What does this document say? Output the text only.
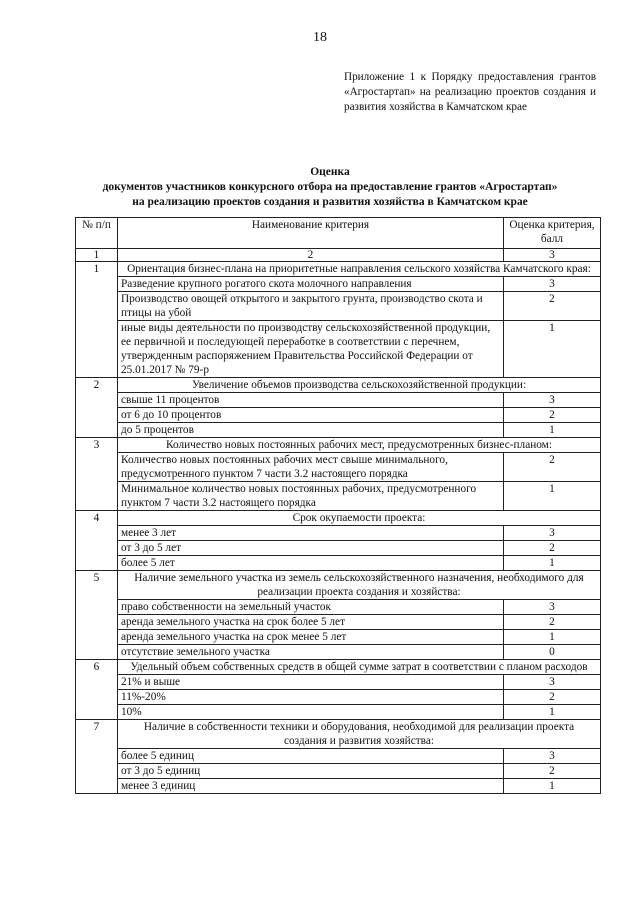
18
Приложение 1 к Порядку предоставления грантов «Агростартап» на реализацию проектов создания и развития хозяйства в Камчатском крае
Оценка
документов участников конкурсного отбора на предоставление грантов «Агростартап»
на реализацию проектов создания и развития хозяйства в Камчатском крае
№ п/п	Наименование критерия	Оценка критерия, балл
1	2	3
1	Ориентация бизнес-плана на приоритетные направления сельского хозяйства Камчатского края:	
	Разведение крупного рогатого скота молочного направления	3
	Производство овощей открытого и закрытого грунта, производство скота и птицы на убой	2
	иные виды деятельности по производству сельскохозяйственной продукции, ее первичной и последующей переработке в соответствии с перечнем, утвержденным распоряжением Правительства Российской Федерации от 25.01.2017 № 79-р	1
2	Увеличение объемов производства сельскохозяйственной продукции:	
	свыше 11 процентов	3
	от 6 до 10 процентов	2
	до 5 процентов	1
3	Количество новых постоянных рабочих мест, предусмотренных бизнес-планом:	
	Количество новых постоянных рабочих мест свыше минимального, предусмотренного пунктом 7 части 3.2 настоящего порядка	2
	Минимальное количество новых постоянных рабочих, предусмотренного пунктом 7 части 3.2 настоящего порядка	1
4	Срок окупаемости проекта:	
	менее 3 лет	3
	от 3 до 5 лет	2
	более 5 лет	1
5	Наличие земельного участка из земель сельскохозяйственного назначения, необходимого для реализации проекта создания и хозяйства:	
	право собственности на земельный участок	3
	аренда земельного участка на срок более 5 лет	2
	аренда земельного участка на срок менее 5 лет	1
	отсутствие земельного участка	0
6	Удельный объем собственных средств в общей сумме затрат в соответствии с планом расходов	
	21% и выше	3
	11%-20%	2
	10%	1
7	Наличие в собственности техники и оборудования, необходимой для реализации проекта создания и развития хозяйства:	
	более 5 единиц	3
	от 3 до 5 единиц	2
	менее 3 единиц	1
